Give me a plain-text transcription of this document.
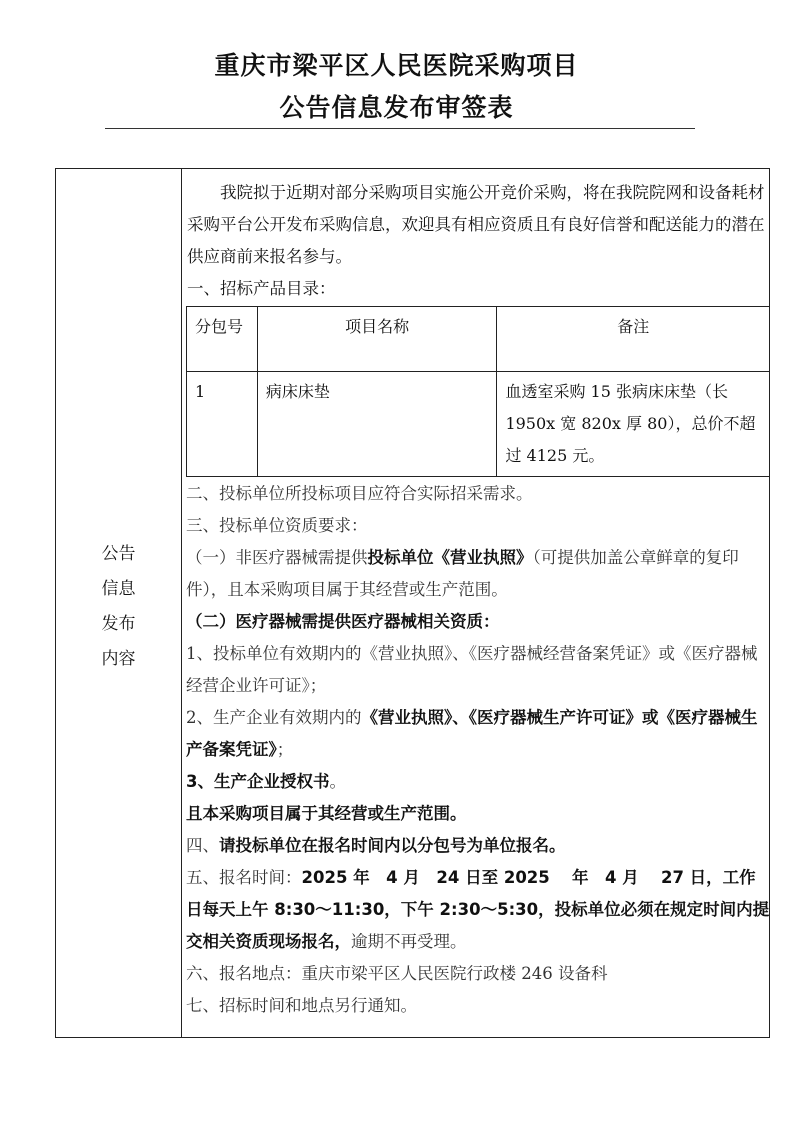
重庆市梁平区人民医院采购项目
公告信息发布审签表
公告
信息
发布
内容
我院拟于近期对部分采购项目实施公开竞价采购，将在我院院网和设备耗材采购平台公开发布采购信息，欢迎具有相应资质且有良好信誉和配送能力的潜在供应商前来报名参与。
一、招标产品目录：
分包号	项目名称	备注
1	病床床垫	血透室采购 15 张病床床垫（长 1950x 宽 820x 厚 80），总价不超过 4125 元。
二、投标单位所投标项目应符合实际招采需求。
三、投标单位资质要求：
（一）非医疗器械需提供投标单位《营业执照》（可提供加盖公章鲜章的复印件），且本采购项目属于其经营或生产范围。
（二）医疗器械需提供医疗器械相关资质：
1、投标单位有效期内的《营业执照》、《医疗器械经营备案凭证》或《医疗器械经营企业许可证》；
2、生产企业有效期内的《营业执照》、《医疗器械生产许可证》或《医疗器械生产备案凭证》；
3、生产企业授权书。
且本采购项目属于其经营或生产范围。
四、请投标单位在报名时间内以分包号为单位报名。
五、报名时间：2025 年　4 月　24 日至 2025　 年　4 月　 27 日，工作日每天上午 8:30～11:30，下午 2:30～5:30，投标单位必须在规定时间内提交相关资质现场报名，逾期不再受理。
六、报名地点：重庆市梁平区人民医院行政楼 246 设备科
七、招标时间和地点另行通知。
